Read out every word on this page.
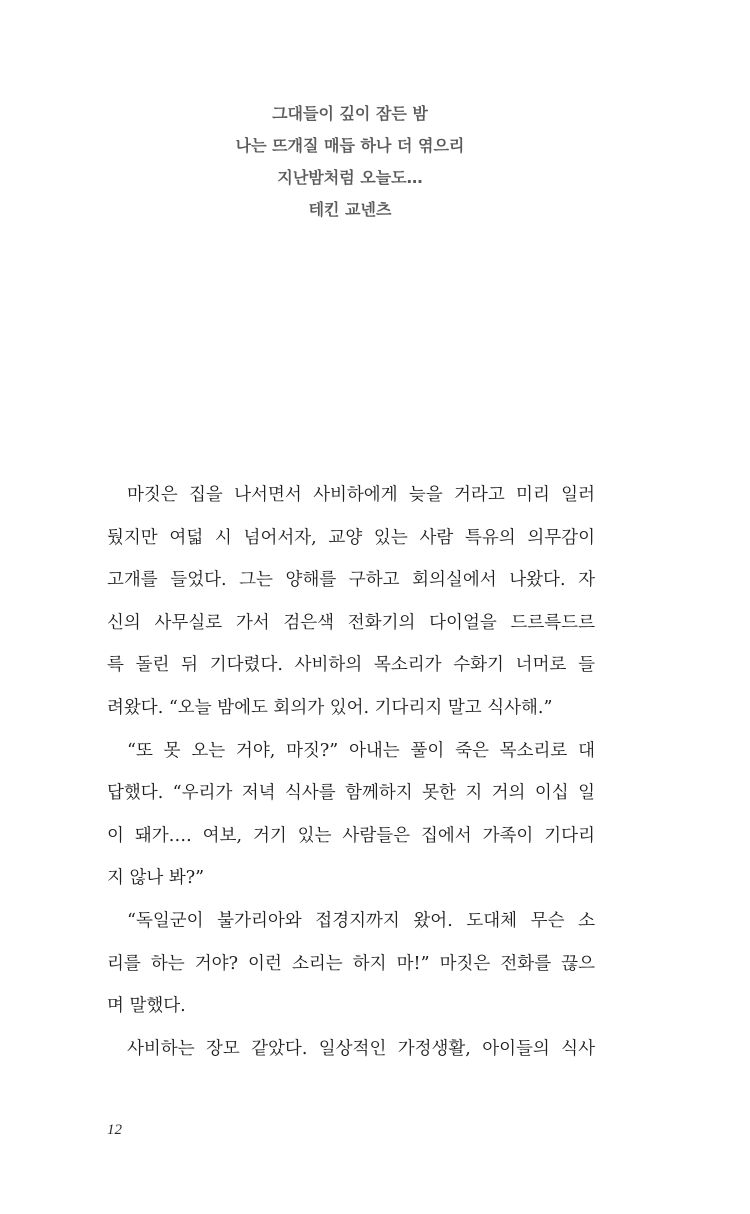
그대들이 깊이 잠든 밤
나는 뜨개질 매듭 하나 더 엮으리
지난밤처럼 오늘도…
테킨 교넨츠
마짓은 집을 나서면서 사비하에게 늦을 거라고 미리 일러
뒀지만 여덟 시 넘어서자, 교양 있는 사람 특유의 의무감이
고개를 들었다. 그는 양해를 구하고 회의실에서 나왔다. 자
신의 사무실로 가서 검은색 전화기의 다이얼을 드르륵드르
륵 돌린 뒤 기다렸다. 사비하의 목소리가 수화기 너머로 들
려왔다. “오늘 밤에도 회의가 있어. 기다리지 말고 식사해.”
“또 못 오는 거야, 마짓?” 아내는 풀이 죽은 목소리로 대
답했다. “우리가 저녁 식사를 함께하지 못한 지 거의 이십 일
이 돼가…. 여보, 거기 있는 사람들은 집에서 가족이 기다리
지 않나 봐?”
“독일군이 불가리아와 접경지까지 왔어. 도대체 무슨 소
리를 하는 거야? 이런 소리는 하지 마!” 마짓은 전화를 끊으
며 말했다.
사비하는 장모 같았다. 일상적인 가정생활, 아이들의 식사
12
